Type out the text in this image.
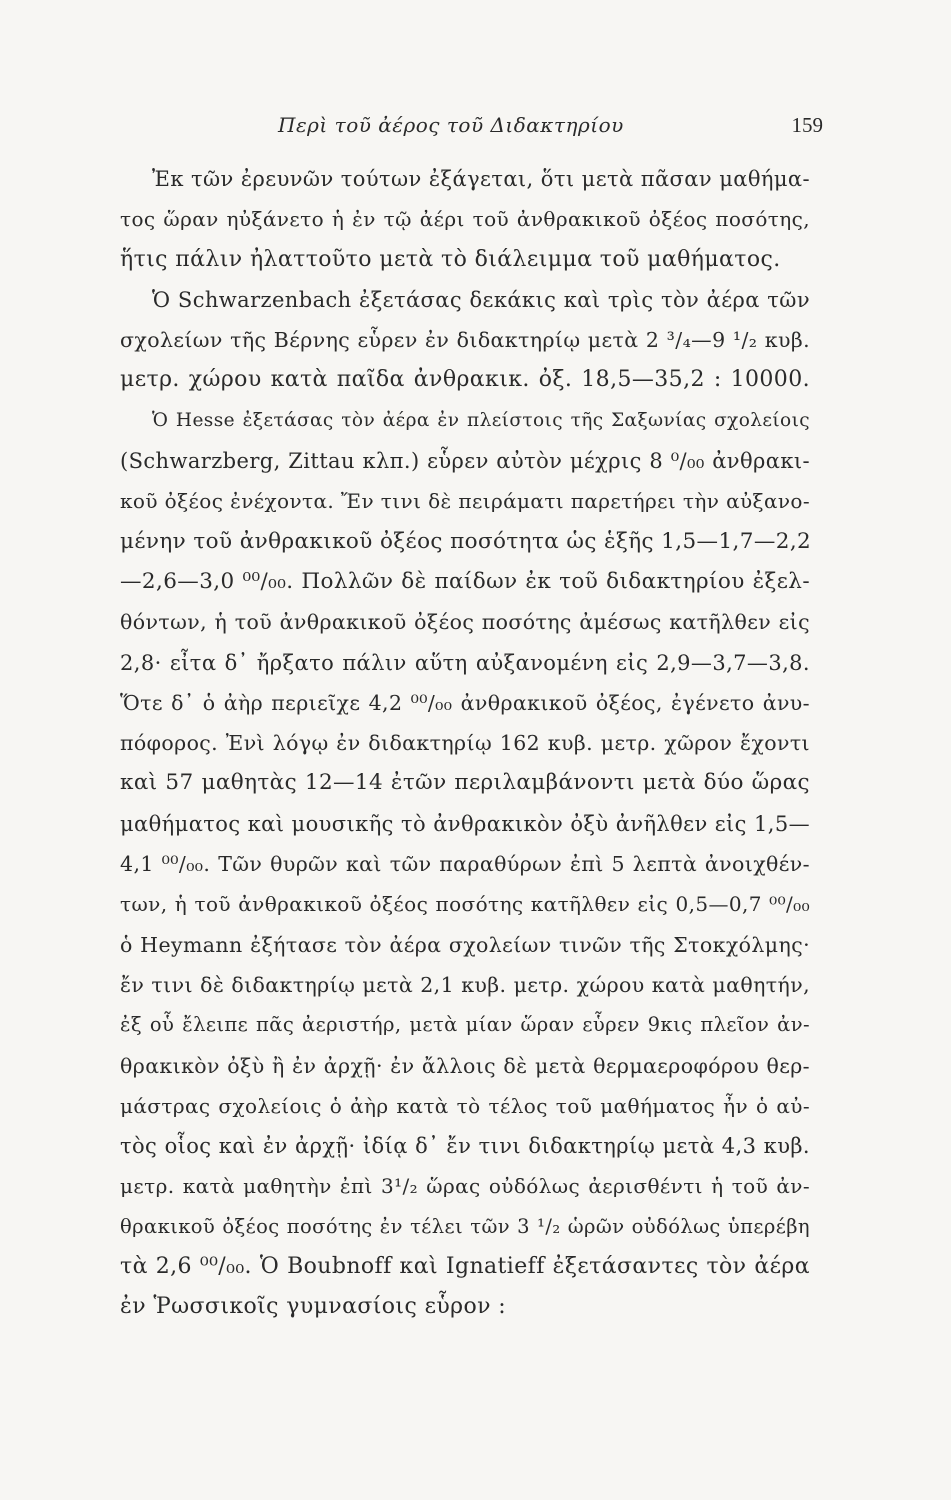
Περὶ τοῦ ἀέρος τοῦ Διδακτηρίου	159
Ἐκ τῶν ἐρευνῶν τούτων ἐξάγεται, ὅτι μετὰ πᾶσαν μαθήμα-
τος ὥραν ηὐξάνετο ἡ ἐν τῷ ἀέρι τοῦ ἀνθρακικοῦ ὀξέος ποσότης,
ἥτις πάλιν ἠλαττοῦτο μετὰ τὸ διάλειμμα τοῦ μαθήματος.
Ὁ Schwarzenbach ἐξετάσας δεκάκις καὶ τρὶς τὸν ἀέρα τῶν
σχολείων τῆς Βέρνης εὗρεν ἐν διδακτηρίῳ μετὰ 2 ³/₄—9 ¹/₂ κυβ.
μετρ. χώρου κατὰ παῖδα ἀνθρακικ. ὀξ. 18,5—35,2 : 10000.
Ὁ Hesse ἐξετάσας τὸν ἀέρα ἐν πλείστοις τῆς Σαξωνίας σχολείοις
(Schwarzberg, Zittau κλπ.) εὗρεν αὐτὸν μέχρις 8 ⁰/₀₀ ἀνθρακι-
κοῦ ὀξέος ἐνέχοντα. Ἔν τινι δὲ πειράματι παρετήρει τὴν αὐξανο-
μένην τοῦ ἀνθρακικοῦ ὀξέος ποσότητα ὡς ἑξῆς 1,5—1,7—2,2
—2,6—3,0 ⁰⁰/₀₀. Πολλῶν δὲ παίδων ἐκ τοῦ διδακτηρίου ἐξελ-
θόντων, ἡ τοῦ ἀνθρακικοῦ ὀξέος ποσότης ἀμέσως κατῆλθεν εἰς
2,8· εἶτα δ᾽ ἤρξατο πάλιν αὕτη αὐξανομένη εἰς 2,9—3,7—3,8.
Ὅτε δ᾽ ὁ ἀὴρ περιεῖχε 4,2 ⁰⁰/₀₀ ἀνθρακικοῦ ὀξέος, ἐγένετο ἀνυ-
πόφορος. Ἐνὶ λόγῳ ἐν διδακτηρίῳ 162 κυβ. μετρ. χῶρον ἔχοντι
καὶ 57 μαθητὰς 12—14 ἐτῶν περιλαμβάνοντι μετὰ δύο ὥρας
μαθήματος καὶ μουσικῆς τὸ ἀνθρακικὸν ὀξὺ ἀνῆλθεν εἰς 1,5—
4,1 ⁰⁰/₀₀. Τῶν θυρῶν καὶ τῶν παραθύρων ἐπὶ 5 λεπτὰ ἀνοιχθέν-
των, ἡ τοῦ ἀνθρακικοῦ ὀξέος ποσότης κατῆλθεν εἰς 0,5—0,7 ⁰⁰/₀₀
ὁ Heymann ἐξήτασε τὸν ἀέρα σχολείων τινῶν τῆς Στοκχόλμης·
ἔν τινι δὲ διδακτηρίῳ μετὰ 2,1 κυβ. μετρ. χώρου κατὰ μαθητήν,
ἐξ οὗ ἔλειπε πᾶς ἀεριστήρ, μετὰ μίαν ὥραν εὗρεν 9κις πλεῖον ἀν-
θρακικὸν ὀξὺ ἢ ἐν ἀρχῇ· ἐν ἄλλοις δὲ μετὰ θερμαεροφόρου θερ-
μάστρας σχολείοις ὁ ἀὴρ κατὰ τὸ τέλος τοῦ μαθήματος ἦν ὁ αὐ-
τὸς οἷος καὶ ἐν ἀρχῇ· ἰδίᾳ δ᾽ ἔν τινι διδακτηρίῳ μετὰ 4,3 κυβ.
μετρ. κατὰ μαθητὴν ἐπὶ 3¹/₂ ὥρας οὐδόλως ἀερισθέντι ἡ τοῦ ἀν-
θρακικοῦ ὀξέος ποσότης ἐν τέλει τῶν 3 ¹/₂ ὡρῶν οὐδόλως ὑπερέβη
τὰ 2,6 ⁰⁰/₀₀. Ὁ Boubnoff καὶ Ignatieff ἐξετάσαντες τὸν ἀέρα
ἐν Ῥωσσικοῖς γυμνασίοις εὗρον :
